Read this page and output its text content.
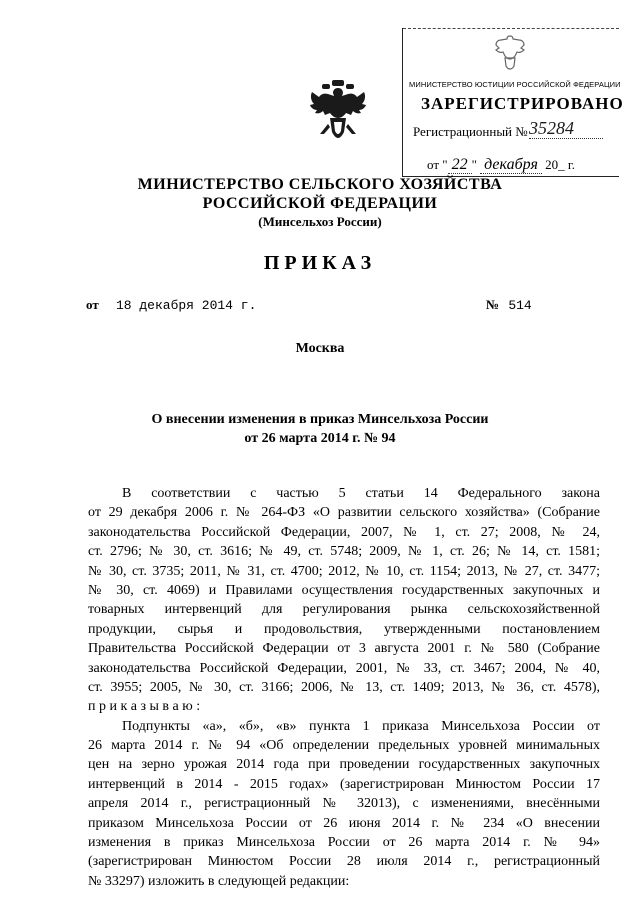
МИНИСТЕРСТВО ЮСТИЦИИ РОССИЙСКОЙ ФЕДЕРАЦИИ
ЗАРЕГИСТРИРОВАНО
Регистрационный № 35284
от " 22 " декабря 20_ г.
МИНИСТЕРСТВО СЕЛЬСКОГО ХОЗЯЙСТВА
РОССИЙСКОЙ ФЕДЕРАЦИИ
(Минсельхоз России)
ПРИКАЗ
от 18 декабря 2014 г.	№ 514
Москва
О внесении изменения в приказ Минсельхоза России
от 26 марта 2014 г. № 94
В соответствии с частью 5 статьи 14 Федерального закона
от 29 декабря 2006 г. № 264-ФЗ «О развитии сельского хозяйства» (Собрание
законодательства Российской Федерации, 2007, № 1, ст. 27; 2008, № 24,
ст. 2796; № 30, ст. 3616; № 49, ст. 5748; 2009, № 1, ст. 26; № 14, ст. 1581;
№ 30, ст. 3735; 2011, № 31, ст. 4700; 2012, № 10, ст. 1154; 2013, № 27, ст. 3477;
№ 30, ст. 4069) и Правилами осуществления государственных закупочных и
товарных интервенций для регулирования рынка сельскохозяйственной
продукции, сырья и продовольствия, утвержденными постановлением
Правительства Российской Федерации от 3 августа 2001 г. № 580 (Собрание
законодательства Российской Федерации, 2001, № 33, ст. 3467; 2004, № 40,
ст. 3955; 2005, № 30, ст. 3166; 2006, № 13, ст. 1409; 2013, № 36, ст. 4578),
п р и к а з ы в а ю :
Подпункты «а», «б», «в» пункта 1 приказа Минсельхоза России от
26 марта 2014 г. № 94 «Об определении предельных уровней минимальных
цен на зерно урожая 2014 года при проведении государственных закупочных
интервенций в 2014 - 2015 годах» (зарегистрирован Минюстом России 17
апреля 2014 г., регистрационный № 32013), с изменениями, внесёнными
приказом Минсельхоза России от 26 июня 2014 г. № 234 «О внесении
изменения в приказ Минсельхоза России от 26 марта 2014 г. № 94»
(зарегистрирован Минюстом России 28 июля 2014 г., регистрационный
№ 33297) изложить в следующей редакции:
